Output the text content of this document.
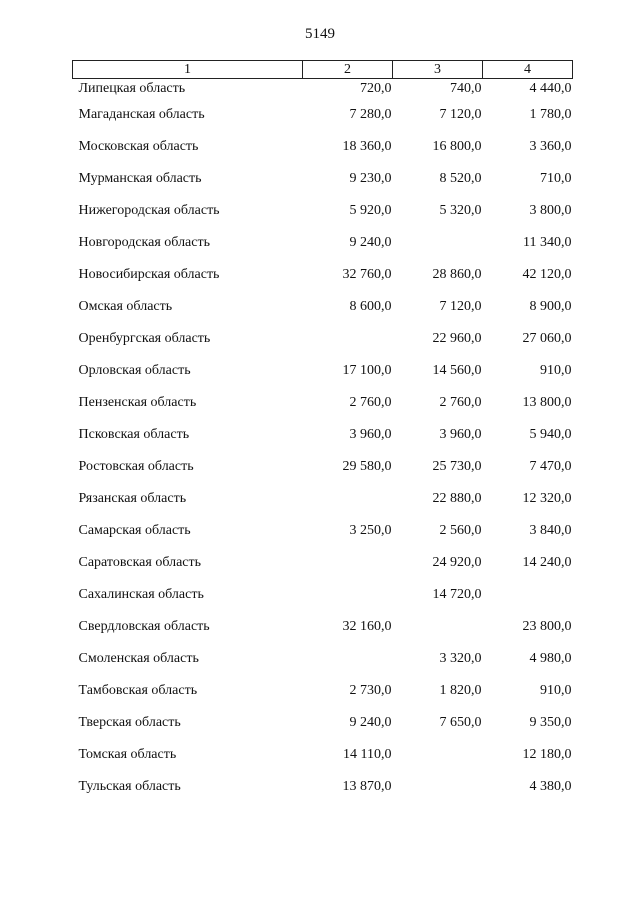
5149
1	2	3	4
Липецкая область	720,0	740,0	4 440,0
Магаданская область	7 280,0	7 120,0	1 780,0
Московская область	18 360,0	16 800,0	3 360,0
Мурманская область	9 230,0	8 520,0	710,0
Нижегородская область	5 920,0	5 320,0	3 800,0
Новгородская область	9 240,0		11 340,0
Новосибирская область	32 760,0	28 860,0	42 120,0
Омская область	8 600,0	7 120,0	8 900,0
Оренбургская область		22 960,0	27 060,0
Орловская область	17 100,0	14 560,0	910,0
Пензенская область	2 760,0	2 760,0	13 800,0
Псковская область	3 960,0	3 960,0	5 940,0
Ростовская область	29 580,0	25 730,0	7 470,0
Рязанская область		22 880,0	12 320,0
Самарская область	3 250,0	2 560,0	3 840,0
Саратовская область		24 920,0	14 240,0
Сахалинская область		14 720,0	
Свердловская область	32 160,0		23 800,0
Смоленская область		3 320,0	4 980,0
Тамбовская область	2 730,0	1 820,0	910,0
Тверская область	9 240,0	7 650,0	9 350,0
Томская область	14 110,0		12 180,0
Тульская область	13 870,0		4 380,0
